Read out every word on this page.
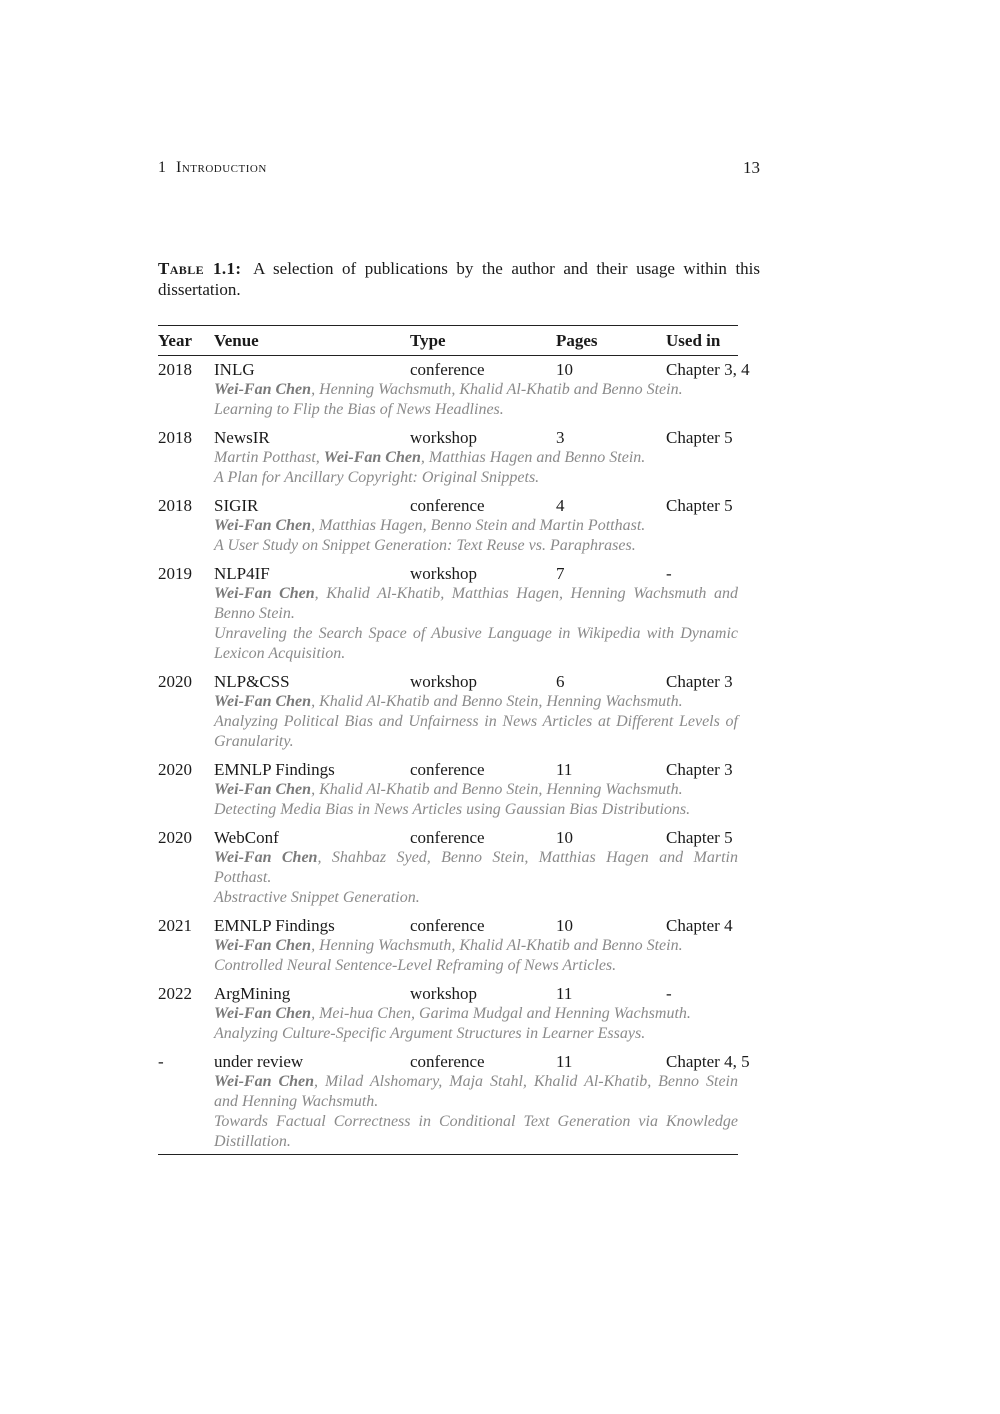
1 Introduction	13
Table 1.1: A selection of publications by the author and their usage within this dissertation.
Year Venue	Type	Pages	Used in
2018 INLG	conference	10	Chapter 3, 4
Wei-Fan Chen, Henning Wachsmuth, Khalid Al-Khatib and Benno Stein.
Learning to Flip the Bias of News Headlines.
2018 NewsIR	workshop	3	Chapter 5
Martin Potthast, Wei-Fan Chen, Matthias Hagen and Benno Stein.
A Plan for Ancillary Copyright: Original Snippets.
2018 SIGIR	conference	4	Chapter 5
Wei-Fan Chen, Matthias Hagen, Benno Stein and Martin Potthast.
A User Study on Snippet Generation: Text Reuse vs. Paraphrases.
2019 NLP4IF	workshop	7	-
Wei-Fan Chen, Khalid Al-Khatib, Matthias Hagen, Henning Wachsmuth and Benno Stein.
Unraveling the Search Space of Abusive Language in Wikipedia with Dynamic Lexicon Acquisition.
2020 NLP&CSS	workshop	6	Chapter 3
Wei-Fan Chen, Khalid Al-Khatib and Benno Stein, Henning Wachsmuth.
Analyzing Political Bias and Unfairness in News Articles at Different Levels of Granularity.
2020 EMNLP Findings	conference	11	Chapter 3
Wei-Fan Chen, Khalid Al-Khatib and Benno Stein, Henning Wachsmuth.
Detecting Media Bias in News Articles using Gaussian Bias Distributions.
2020 WebConf	conference	10	Chapter 5
Wei-Fan Chen, Shahbaz Syed, Benno Stein, Matthias Hagen and Martin Potthast.
Abstractive Snippet Generation.
2021 EMNLP Findings	conference	10	Chapter 4
Wei-Fan Chen, Henning Wachsmuth, Khalid Al-Khatib and Benno Stein.
Controlled Neural Sentence-Level Reframing of News Articles.
2022 ArgMining	workshop	11	-
Wei-Fan Chen, Mei-hua Chen, Garima Mudgal and Henning Wachsmuth.
Analyzing Culture-Specific Argument Structures in Learner Essays.
-	under review	conference	11	Chapter 4, 5
Wei-Fan Chen, Milad Alshomary, Maja Stahl, Khalid Al-Khatib, Benno Stein and Henning Wachsmuth.
Towards Factual Correctness in Conditional Text Generation via Knowledge Distillation.
